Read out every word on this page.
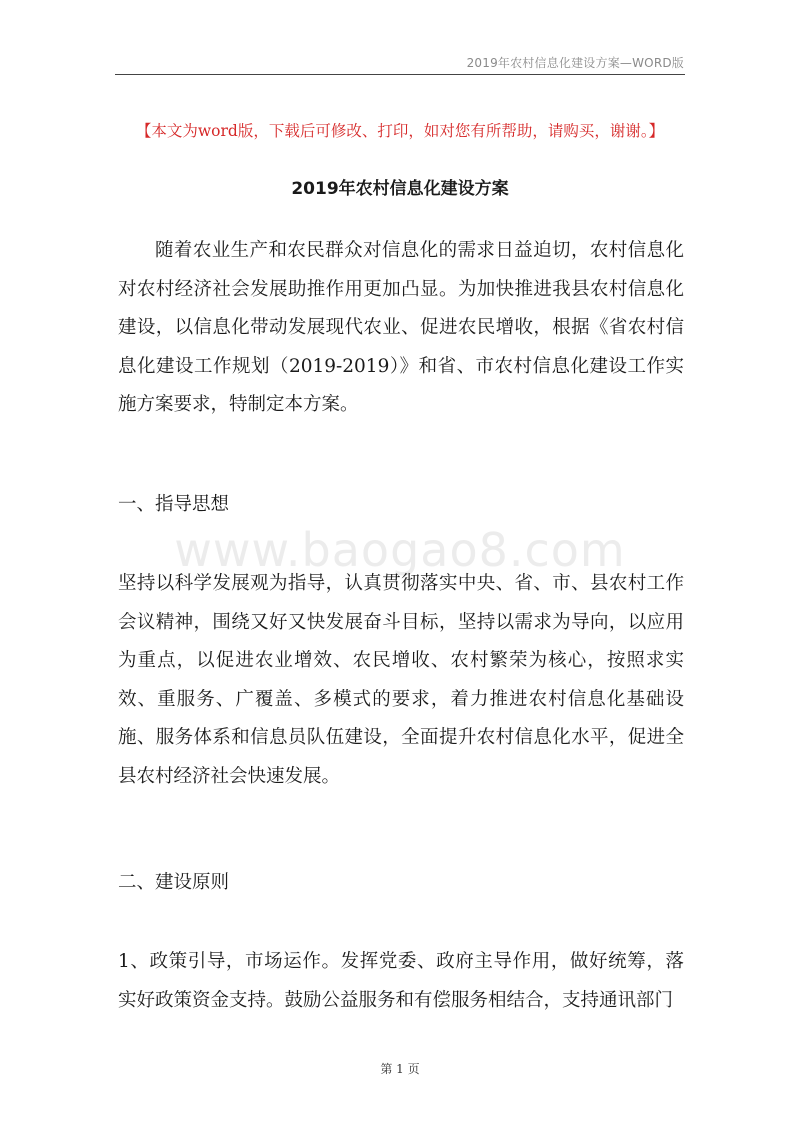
2019年农村信息化建设方案—WORD版
【本文为word版，下载后可修改、打印，如对您有所帮助，请购买，谢谢。】
2019年农村信息化建设方案

随着农业生产和农民群众对信息化的需求日益迫切，农村信息化对农村经济社会发展助推作用更加凸显。为加快推进我县农村信息化建设，以信息化带动发展现代农业、促进农民增收，根据《省农村信息化建设工作规划（2019-2019）》和省、市农村信息化建设工作实施方案要求，特制定本方案。

一、指导思想
www.baogao8.com

坚持以科学发展观为指导，认真贯彻落实中央、省、市、县农村工作会议精神，围绕又好又快发展奋斗目标，坚持以需求为导向，以应用为重点，以促进农业增效、农民增收、农村繁荣为核心，按照求实效、重服务、广覆盖、多模式的要求，着力推进农村信息化基础设施、服务体系和信息员队伍建设，全面提升农村信息化水平，促进全县农村经济社会快速发展。

二、建设原则

1、政策引导，市场运作。发挥党委、政府主导作用，做好统筹，落实好政策资金支持。鼓励公益服务和有偿服务相结合，支持通讯部门

第 1 页
